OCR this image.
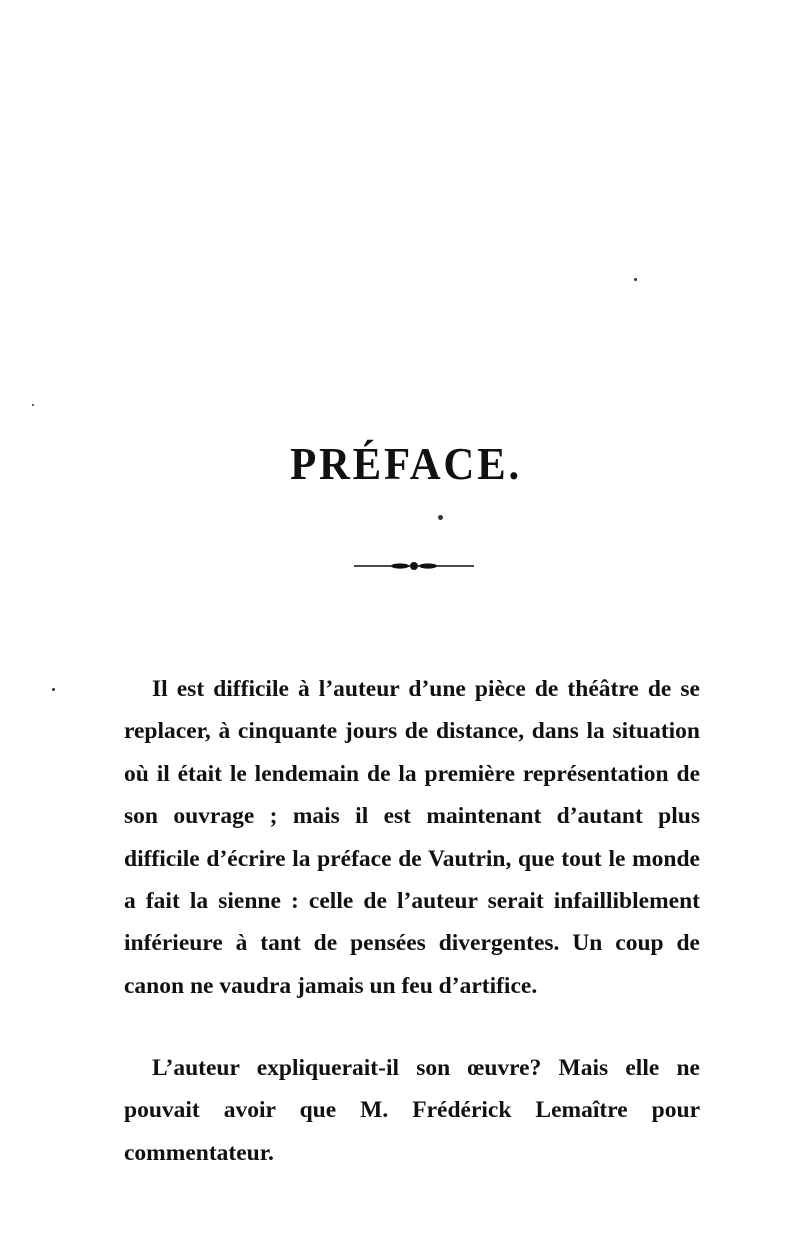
PRÉFACE.

Il est difficile à l’auteur d’une pièce de théâtre de se replacer, à cinquante jours de distance, dans la situation où il était le lendemain de la première représentation de son ouvrage ; mais il est maintenant d’autant plus difficile d’écrire la préface de Vautrin, que tout le monde a fait la sienne : celle de l’auteur serait infailliblement inférieure à tant de pensées divergentes. Un coup de canon ne vaudra jamais un feu d’artifice.

L’auteur expliquerait-il son œuvre? Mais elle ne pouvait avoir que M. Frédérick Lemaître pour commentateur.
